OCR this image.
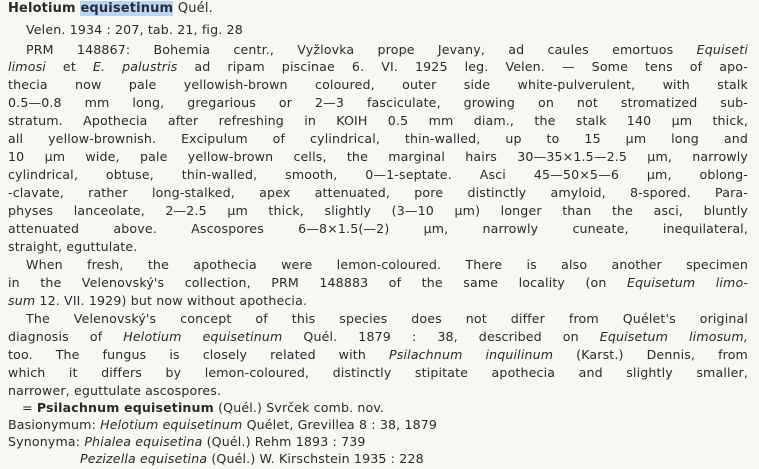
Helotium equisetinum Quél.
Velen. 1934 : 207, tab. 21, fig. 28
PRM 148867: Bohemia centr., Vyžlovka prope Jevany, ad caules emortuos Equiseti
limosi et E. palustris ad ripam piscinae 6. VI. 1925 leg. Velen. — Some tens of apo-
thecia now pale yellowish-brown coloured, outer side white-pulverulent, with stalk
0.5—0.8 mm long, gregarious or 2—3 fasciculate, growing on not stromatized sub-
stratum. Apothecia after refreshing in KOIH 0.5 mm diam., the stalk 140 μm thick,
all yellow-brownish. Excipulum of cylindrical, thin-walled, up to 15 μm long and
10 μm wide, pale yellow-brown cells, the marginal hairs 30—35×1.5—2.5 μm, narrowly
cylindrical, obtuse, thin-walled, smooth, 0—1-septate. Asci 45—50×5—6 μm, oblong-
-clavate, rather long-stalked, apex attenuated, pore distinctly amyloid, 8-spored. Para-
physes lanceolate, 2—2.5 μm thick, slightly (3—10 μm) longer than the asci, bluntly
attenuated above. Ascospores 6—8×1.5(—2) μm, narrowly cuneate, inequilateral,
straight, eguttulate.
When fresh, the apothecia were lemon-coloured. There is also another specimen
in the Velenovský's collection, PRM 148883 of the same locality (on Equisetum limo-
sum 12. VII. 1929) but now without apothecia.
The Velenovský's concept of this species does not differ from Quélet's original
diagnosis of Helotium equisetinum Quél. 1879 : 38, described on Equisetum limosum,
too. The fungus is closely related with Psilachnum inquilinum (Karst.) Dennis, from
which it differs by lemon-coloured, distinctly stipitate apothecia and slightly smaller,
narrower, eguttulate ascospores.
= Psilachnum equisetinum (Quél.) Svrček comb. nov.
Basionymum: Helotium equisetinum Quélet, Grevillea 8 : 38, 1879
Synonyma: Phialea equisetina (Quél.) Rehm 1893 : 739
Pezizella equisetina (Quél.) W. Kirschstein 1935 : 228
